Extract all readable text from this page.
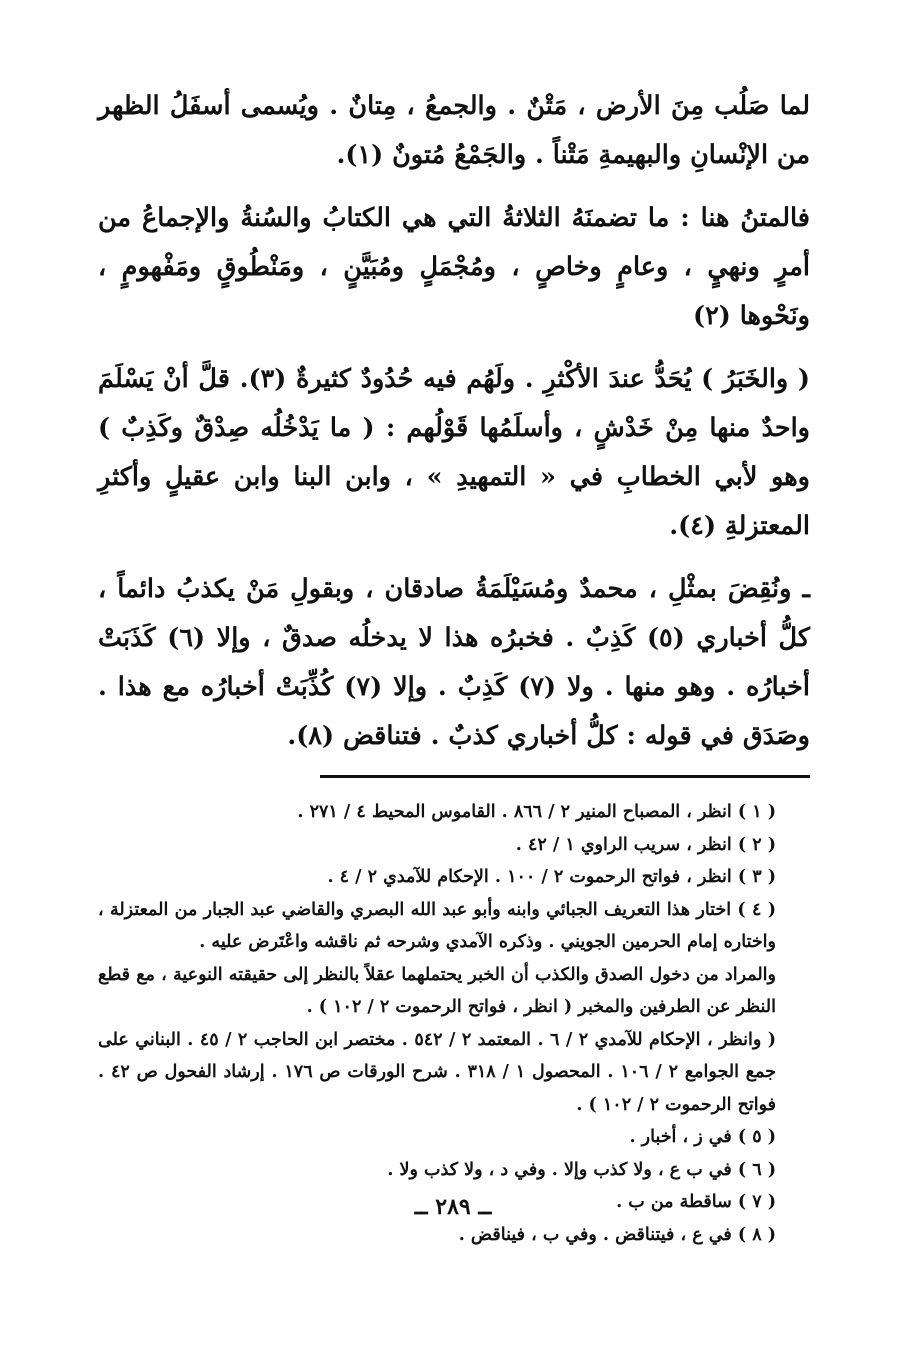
لما صَلُب مِنَ الأرض ، مَتْنٌ . والجمعُ ، مِتانٌ . ويُسمى أسفَلُ الظهر من الإنْسانِ والبهيمةِ مَتْناً . والجَمْعُ مُتونٌ (١).

فالمتنُ هنا : ما تضمنَهُ الثلاثةُ التي هي الكتابُ والسُنةُ والإجماعُ من أمرٍ ونهيٍ ، وعامٍ وخاصٍ ، ومُجْمَلٍ ومُبَيَّنٍ ، ومَنْطُوقٍ ومَفْهومٍ ، ونَحْوها (٢)

( والخَبَرُ ) يُحَدُّ عندَ الأكْثرِ . ولَهُم فيه حُدُودٌ كثيرةٌ (٣). قلَّ أنْ يَسْلَمَ واحدٌ منها مِنْ خَدْشٍ ، وأسلَمُها قَوْلُهم : ( ما يَدْخُلُه صِدْقٌ وكَذِبٌ ) وهو لأبي الخطابِ في « التمهيدِ » ، وابن البنا وابن عقيلٍ وأكثرِ المعتزلةِ (٤).

ـ ونُقِضَ بمثْلِ ، محمدٌ ومُسَيْلَمَةُ صادقان ، وبقولِ مَنْ يكذبُ دائماً ، كلُّ أخباري (٥) كَذِبٌ . فخبرُه هذا لا يدخلُه صدقٌ ، وإلا (٦) كَذَبَتْ أخبارُه . وهو منها . ولا (٧) كَذِبٌ . وإلا (٧) كُذِّبَتْ أخبارُه مع هذا . وصَدَق في قوله : كلُّ أخباري كذبٌ . فتناقض (٨).

( ١ ) انظر ، المصباح المنير ٢ / ٨٦٦ . القاموس المحيط ٤ / ٢٧١ .

( ٢ ) انظر ، سريب الراوي ١ / ٤٢ .

( ٣ ) انظر ، فواتح الرحموت ٢ / ١٠٠ . الإحكام للآمدي ٢ / ٤ .

( ٤ ) اختار هذا التعريف الجبائي وابنه وأبو عبد الله البصري والقاضي عبد الجبار من المعتزلة ، واختاره إمام الحرمين الجويني . وذكره الآمدي وشرحه ثم ناقشه واعْتَرض عليه .

والمراد من دخول الصدق والكذب أن الخبر يحتملهما عقلاً بالنظر إلى حقيقته النوعية ، مع قطع النظر عن الطرفين والمخبر ( انظر ، فواتح الرحموت ٢ / ١٠٢ ) .

( وانظر ، الإحكام للآمدي ٢ / ٦ . المعتمد ٢ / ٥٤٢ . مختصر ابن الحاجب ٢ / ٤٥ . البناني على جمع الجوامع ٢ / ١٠٦ . المحصول ١ / ٣١٨ . شرح الورقات ص ١٧٦ . إرشاد الفحول ص ٤٢ . فواتح الرحموت ٢ / ١٠٢ ) .

( ٥ ) في ز ، أخبار .

( ٦ ) في ب ع ، ولا كذب وإلا . وفي د ، ولا كذب ولا .

( ٧ ) ساقطة من ب .

( ٨ ) في ع ، فيتناقض . وفي ب ، فيناقض .

ــ ٢٨٩ ــ
